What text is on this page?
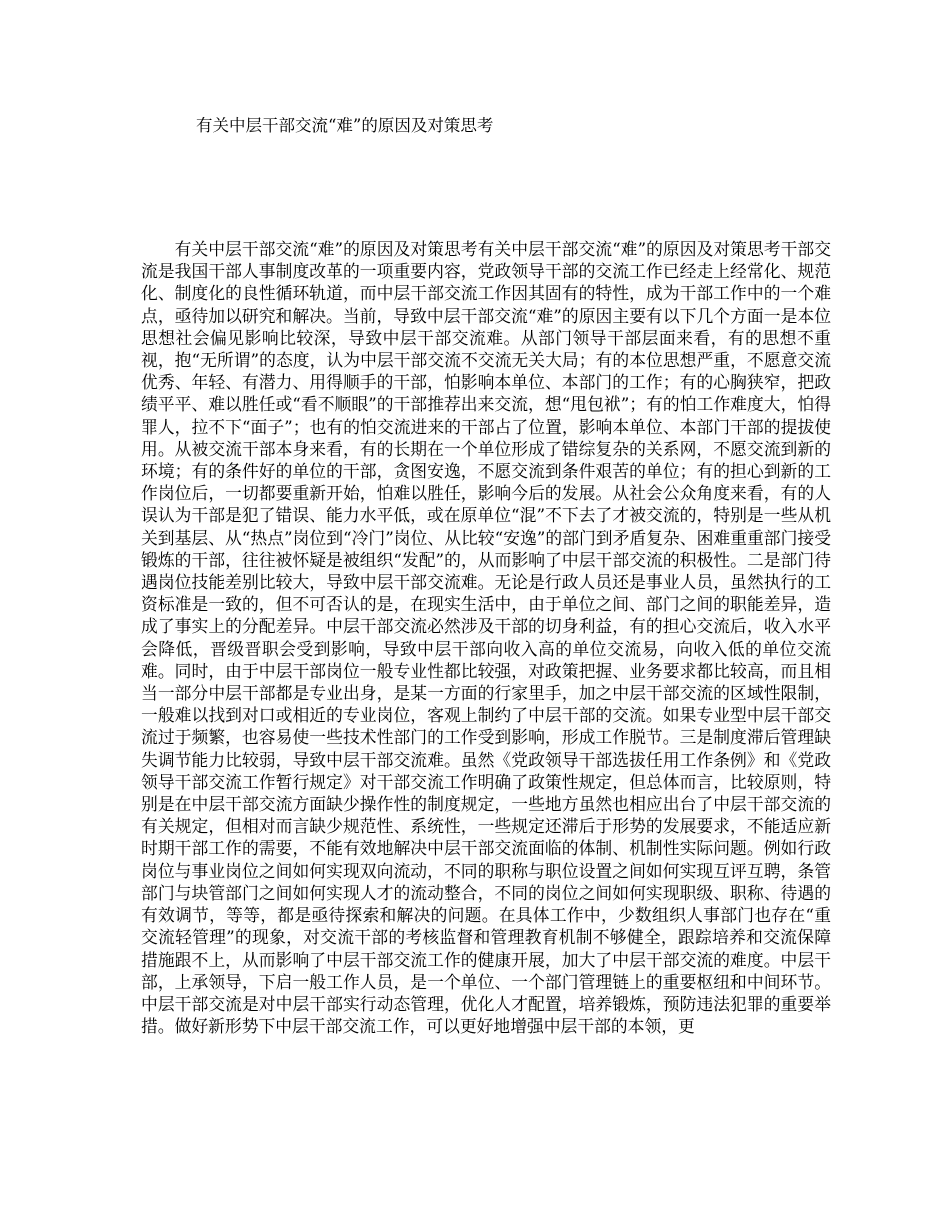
有关中层干部交流“难”的原因及对策思考

有关中层干部交流“难”的原因及对策思考有关中层干部交流“难”的原因及对策思考干部交流是我国干部人事制度改革的一项重要内容，党政领导干部的交流工作已经走上经常化、规范化、制度化的良性循环轨道，而中层干部交流工作因其固有的特性，成为干部工作中的一个难点，亟待加以研究和解决。当前，导致中层干部交流“难”的原因主要有以下几个方面一是本位思想社会偏见影响比较深，导致中层干部交流难。从部门领导干部层面来看，有的思想不重视，抱“无所谓”的态度，认为中层干部交流不交流无关大局；有的本位思想严重，不愿意交流优秀、年轻、有潜力、用得顺手的干部，怕影响本单位、本部门的工作；有的心胸狭窄，把政绩平平、难以胜任或“看不顺眼”的干部推荐出来交流，想“甩包袱”；有的怕工作难度大，怕得罪人，拉不下“面子”；也有的怕交流进来的干部占了位置，影响本单位、本部门干部的提拔使用。从被交流干部本身来看，有的长期在一个单位形成了错综复杂的关系网，不愿交流到新的环境；有的条件好的单位的干部，贪图安逸，不愿交流到条件艰苦的单位；有的担心到新的工作岗位后，一切都要重新开始，怕难以胜任，影响今后的发展。从社会公众角度来看，有的人误认为干部是犯了错误、能力水平低，或在原单位“混”不下去了才被交流的，特别是一些从机关到基层、从“热点”岗位到“冷门”岗位、从比较“安逸”的部门到矛盾复杂、困难重重部门接受锻炼的干部，往往被怀疑是被组织“发配”的，从而影响了中层干部交流的积极性。二是部门待遇岗位技能差别比较大，导致中层干部交流难。无论是行政人员还是事业人员，虽然执行的工资标准是一致的，但不可否认的是，在现实生活中，由于单位之间、部门之间的职能差异，造成了事实上的分配差异。中层干部交流必然涉及干部的切身利益，有的担心交流后，收入水平会降低，晋级晋职会受到影响，导致中层干部向收入高的单位交流易，向收入低的单位交流难。同时，由于中层干部岗位一般专业性都比较强，对政策把握、业务要求都比较高，而且相当一部分中层干部都是专业出身，是某一方面的行家里手，加之中层干部交流的区域性限制，一般难以找到对口或相近的专业岗位，客观上制约了中层干部的交流。如果专业型中层干部交流过于频繁，也容易使一些技术性部门的工作受到影响，形成工作脱节。三是制度滞后管理缺失调节能力比较弱，导致中层干部交流难。虽然《党政领导干部选拔任用工作条例》和《党政领导干部交流工作暂行规定》对干部交流工作明确了政策性规定，但总体而言，比较原则，特别是在中层干部交流方面缺少操作性的制度规定，一些地方虽然也相应出台了中层干部交流的有关规定，但相对而言缺少规范性、系统性，一些规定还滞后于形势的发展要求，不能适应新时期干部工作的需要，不能有效地解决中层干部交流面临的体制、机制性实际问题。例如行政岗位与事业岗位之间如何实现双向流动，不同的职称与职位设置之间如何实现互评互聘，条管部门与块管部门之间如何实现人才的流动整合，不同的岗位之间如何实现职级、职称、待遇的有效调节，等等，都是亟待探索和解决的问题。在具体工作中，少数组织人事部门也存在“重交流轻管理”的现象，对交流干部的考核监督和管理教育机制不够健全，跟踪培养和交流保障措施跟不上，从而影响了中层干部交流工作的健康开展，加大了中层干部交流的难度。中层干部，上承领导，下启一般工作人员，是一个单位、一个部门管理链上的重要枢纽和中间环节。中层干部交流是对中层干部实行动态管理，优化人才配置，培养锻炼，预防违法犯罪的重要举措。做好新形势下中层干部交流工作，可以更好地增强中层干部的本领，更
